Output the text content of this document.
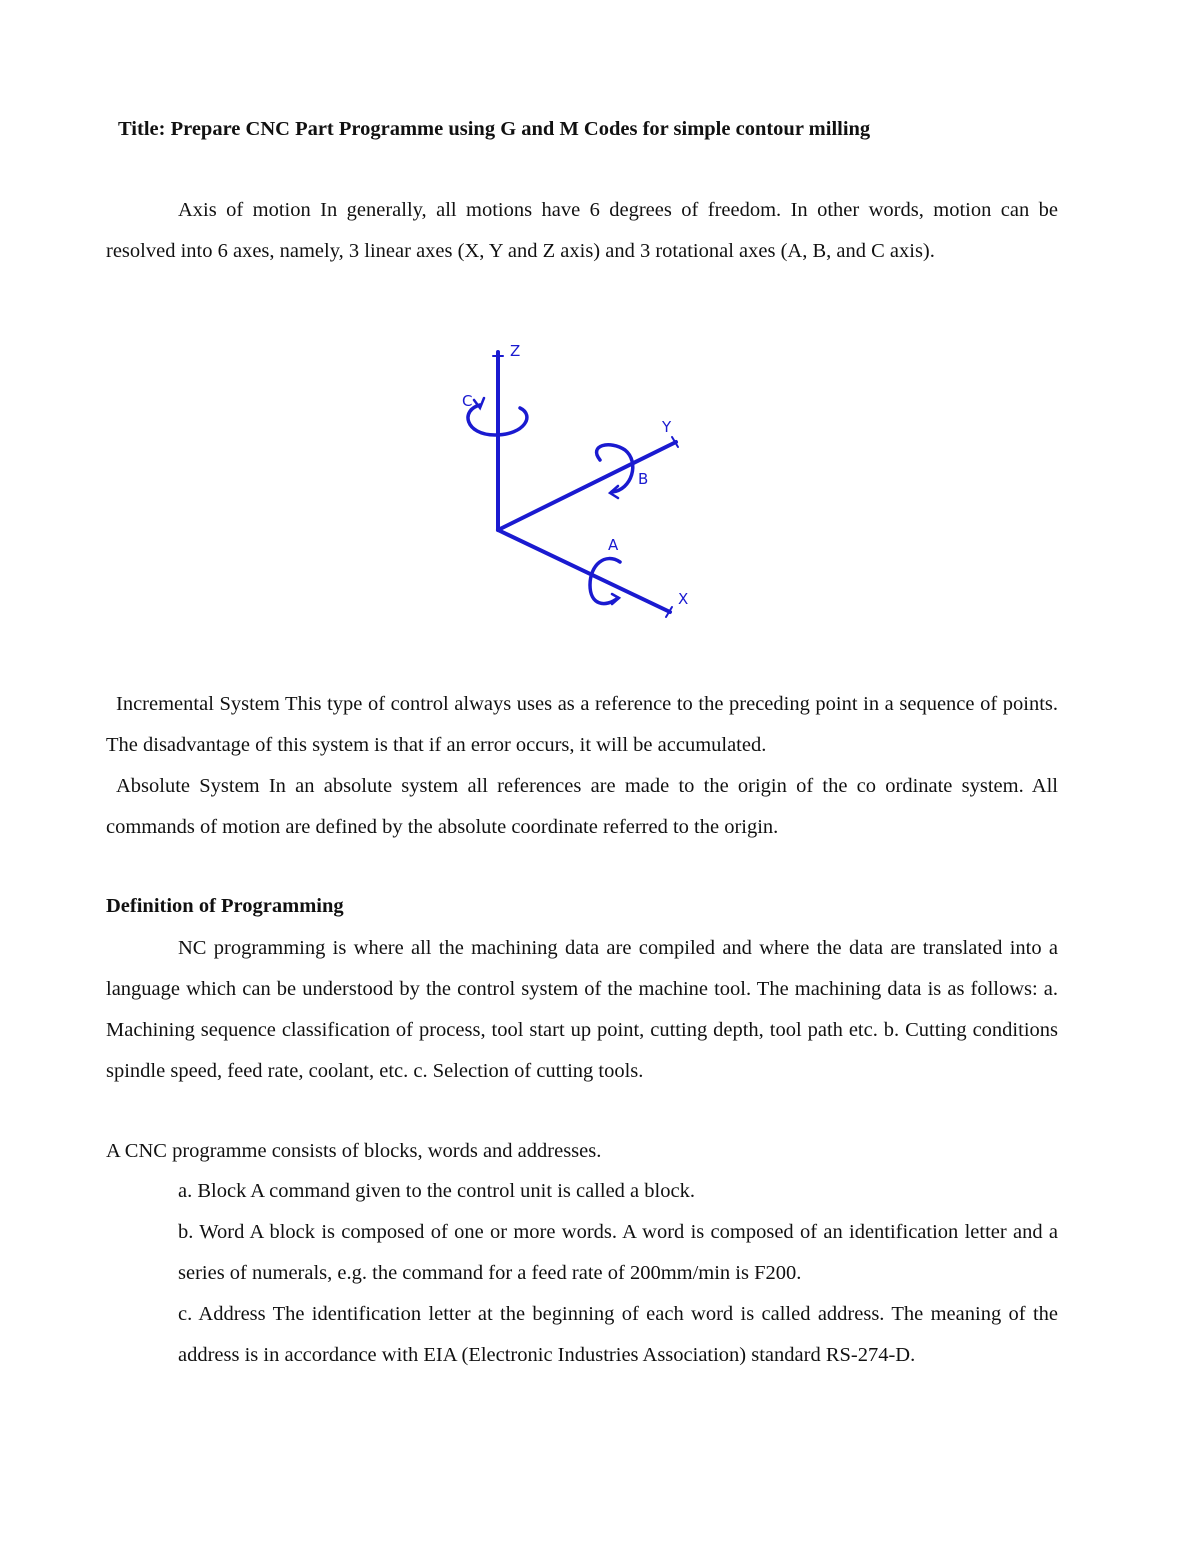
Title: Prepare CNC Part Programme using G and M Codes for simple contour milling
Axis of motion In generally, all motions have 6 degrees of freedom. In other words, motion can be resolved into 6 axes, namely, 3 linear axes (X, Y and Z axis) and 3 rotational axes (A, B, and C axis).
Z
Y
X
A
B
C
Incremental System This type of control always uses as a reference to the preceding point in a sequence of points. The disadvantage of this system is that if an error occurs, it will be accumulated.
Absolute System In an absolute system all references are made to the origin of the co ordinate system. All commands of motion are defined by the absolute coordinate referred to the origin.
Definition of Programming
NC programming is where all the machining data are compiled and where the data are translated into a language which can be understood by the control system of the machine tool. The machining data is as follows: a. Machining sequence classification of process, tool start up point, cutting depth, tool path etc. b. Cutting conditions spindle speed, feed rate, coolant, etc. c. Selection of cutting tools.
A CNC programme consists of blocks, words and addresses.
a. Block A command given to the control unit is called a block.
b. Word A block is composed of one or more words. A word is composed of an identification letter and a series of numerals, e.g. the command for a feed rate of 200mm/min is F200.
c. Address The identification letter at the beginning of each word is called address. The meaning of the address is in accordance with EIA (Electronic Industries Association) standard RS-274-D.
